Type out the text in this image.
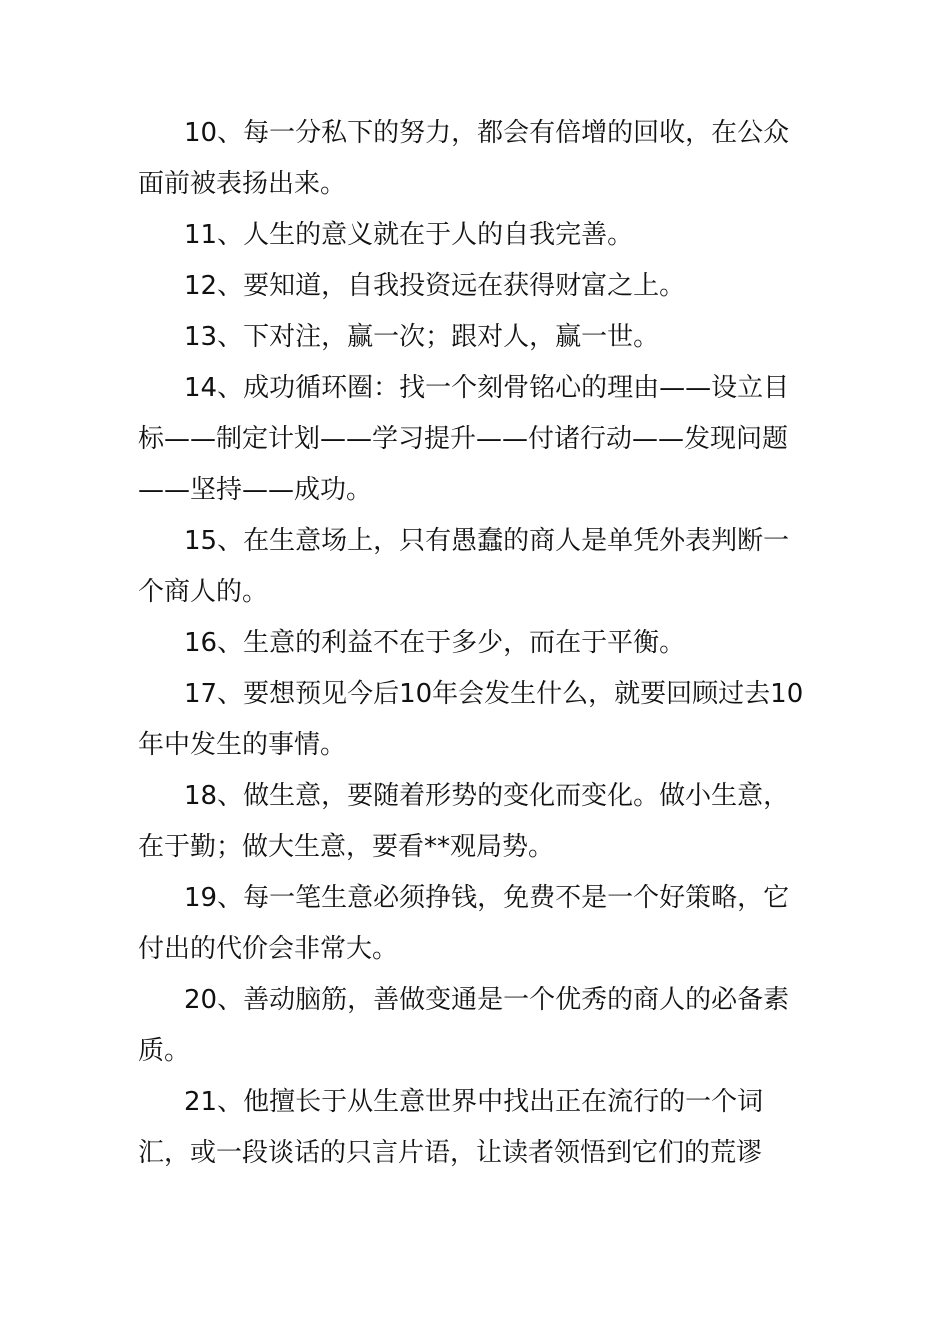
10、每一分私下的努力，都会有倍增的回收，在公众面前被表扬出来。

11、人生的意义就在于人的自我完善。

12、要知道，自我投资远在获得财富之上。

13、下对注，赢一次；跟对人，赢一世。

14、成功循环圈：找一个刻骨铭心的理由——设立目标——制定计划——学习提升——付诸行动——发现问题——坚持——成功。

15、在生意场上，只有愚蠢的商人是单凭外表判断一个商人的。

16、生意的利益不在于多少，而在于平衡。

17、要想预见今后10年会发生什么，就要回顾过去10年中发生的事情。

18、做生意，要随着形势的变化而变化。做小生意，在于勤；做大生意，要看**观局势。

19、每一笔生意必须挣钱，免费不是一个好策略，它付出的代价会非常大。

20、善动脑筋，善做变通是一个优秀的商人的必备素质。

21、他擅长于从生意世界中找出正在流行的一个词汇，或一段谈话的只言片语，让读者领悟到它们的荒谬
